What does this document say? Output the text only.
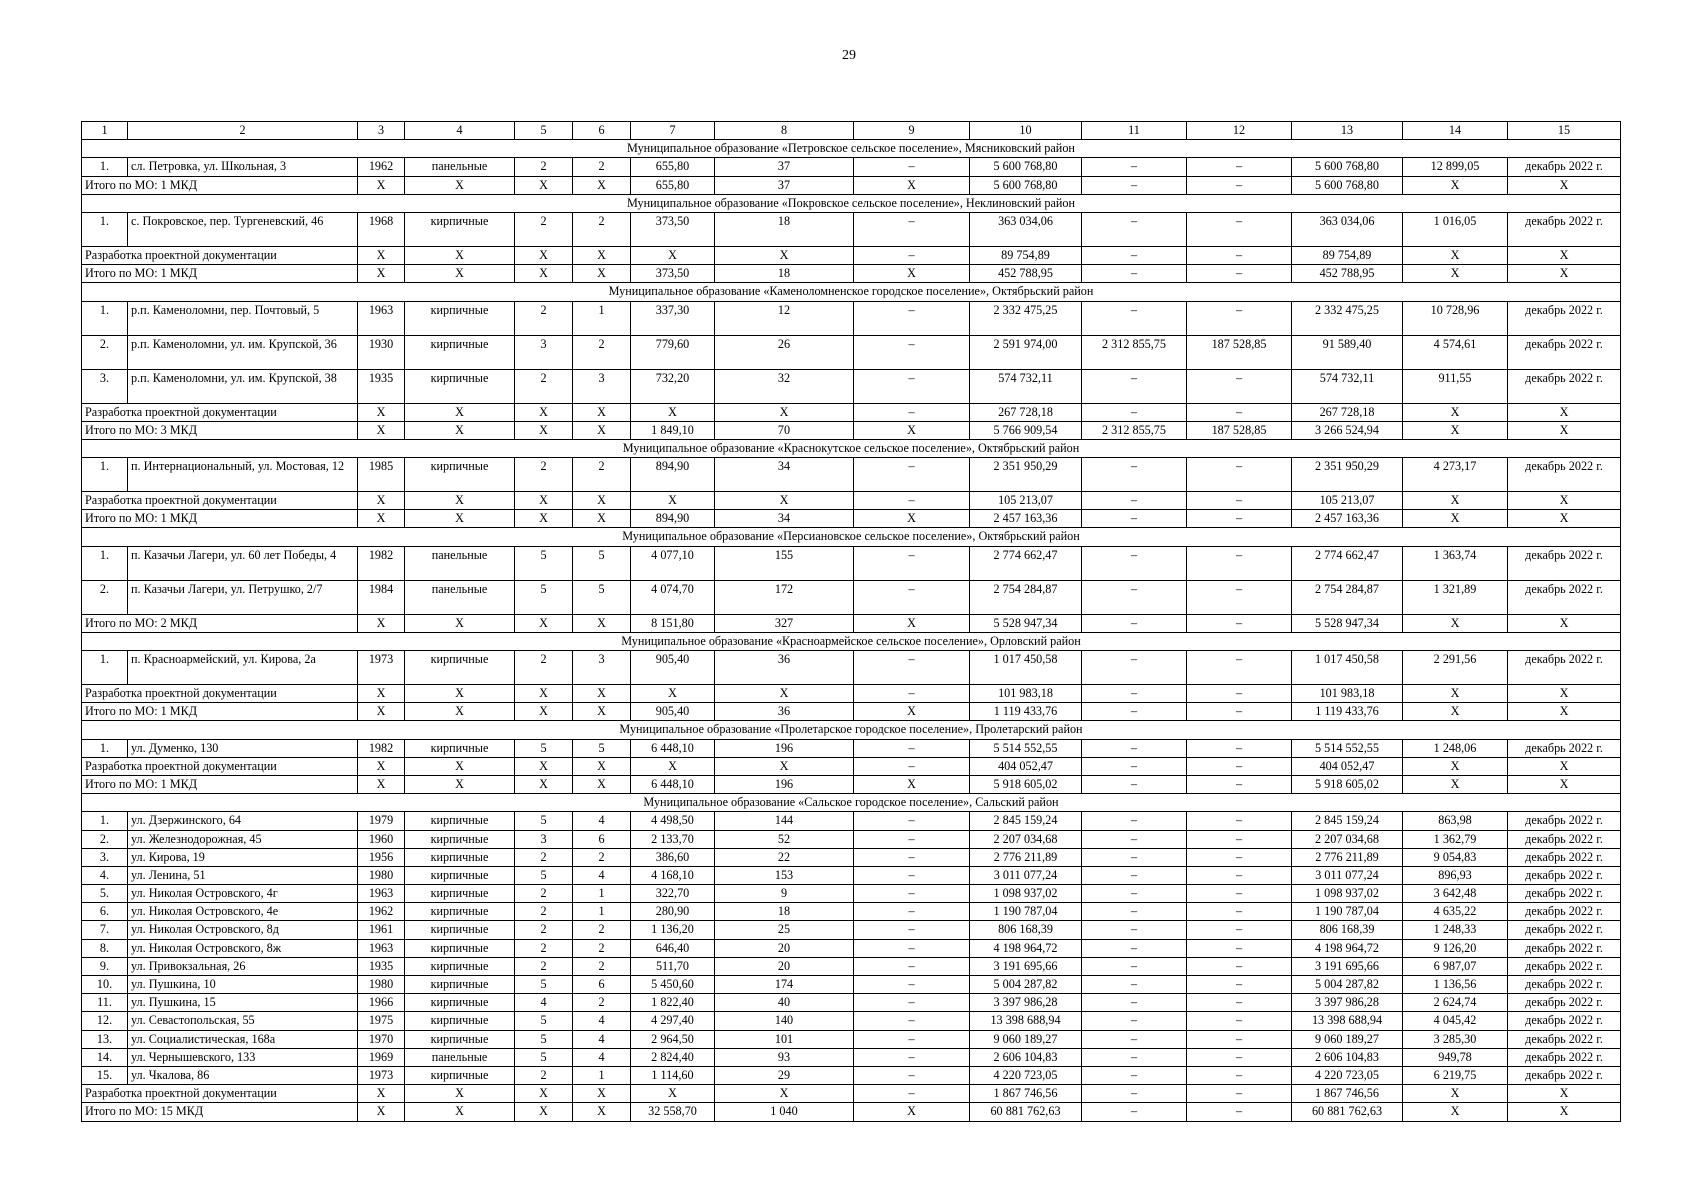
29
1	2	3	4	5	6	7	8	9	10	11	12	13	14	15
Муниципальное образование «Петровское сельское поселение», Мясниковский район														
1.	сл. Петровка, ул. Школьная, 3	1962	панельные	2	2	655,80	37	–	5 600 768,80	–	–	5 600 768,80	12 899,05	декабрь 2022 г.
Итого по МО: 1 МКД		X	X	X	X	655,80	37	X	5 600 768,80	–	–	5 600 768,80	X	X
Муниципальное образование «Покровское сельское поселение», Неклиновский район														
1.	с. Покровское, пер. Тургеневский, 46	1968	кирпичные	2	2	373,50	18	–	363 034,06	–	–	363 034,06	1 016,05	декабрь 2022 г.
Разработка проектной документации		X	X	X	X	X	X	–	89 754,89	–	–	89 754,89	X	X
Итого по МО: 1 МКД		X	X	X	X	373,50	18	X	452 788,95	–	–	452 788,95	X	X
Муниципальное образование «Каменоломненское городское поселение», Октябрьский район														
1.	р.п. Каменоломни, пер. Почтовый, 5	1963	кирпичные	2	1	337,30	12	–	2 332 475,25	–	–	2 332 475,25	10 728,96	декабрь 2022 г.
2.	р.п. Каменоломни, ул. им. Крупской, 36	1930	кирпичные	3	2	779,60	26	–	2 591 974,00	2 312 855,75	187 528,85	91 589,40	4 574,61	декабрь 2022 г.
3.	р.п. Каменоломни, ул. им. Крупской, 38	1935	кирпичные	2	3	732,20	32	–	574 732,11	–	–	574 732,11	911,55	декабрь 2022 г.
Разработка проектной документации		X	X	X	X	X	X	–	267 728,18	–	–	267 728,18	X	X
Итого по МО: 3 МКД		X	X	X	X	1 849,10	70	X	5 766 909,54	2 312 855,75	187 528,85	3 266 524,94	X	X
Муниципальное образование «Краснокутское сельское поселение», Октябрьский район														
1.	п. Интернациональный, ул. Мостовая, 12	1985	кирпичные	2	2	894,90	34	–	2 351 950,29	–	–	2 351 950,29	4 273,17	декабрь 2022 г.
Разработка проектной документации		X	X	X	X	X	X	–	105 213,07	–	–	105 213,07	X	X
Итого по МО: 1 МКД		X	X	X	X	894,90	34	X	2 457 163,36	–	–	2 457 163,36	X	X
Муниципальное образование «Персиановское сельское поселение», Октябрьский район														
1.	п. Казачьи Лагери, ул. 60 лет Победы, 4	1982	панельные	5	5	4 077,10	155	–	2 774 662,47	–	–	2 774 662,47	1 363,74	декабрь 2022 г.
2.	п. Казачьи Лагери, ул. Петрушко, 2/7	1984	панельные	5	5	4 074,70	172	–	2 754 284,87	–	–	2 754 284,87	1 321,89	декабрь 2022 г.
Итого по МО: 2 МКД		X	X	X	X	8 151,80	327	X	5 528 947,34	–	–	5 528 947,34	X	X
Муниципальное образование «Красноармейское сельское поселение», Орловский район														
1.	п. Красноармейский, ул. Кирова, 2а	1973	кирпичные	2	3	905,40	36	–	1 017 450,58	–	–	1 017 450,58	2 291,56	декабрь 2022 г.
Разработка проектной документации		X	X	X	X	X	X	–	101 983,18	–	–	101 983,18	X	X
Итого по МО: 1 МКД		X	X	X	X	905,40	36	X	1 119 433,76	–	–	1 119 433,76	X	X
Муниципальное образование «Пролетарское городское поселение», Пролетарский район														
1.	ул. Думенко, 130	1982	кирпичные	5	5	6 448,10	196	–	5 514 552,55	–	–	5 514 552,55	1 248,06	декабрь 2022 г.
Разработка проектной документации		X	X	X	X	X	X	–	404 052,47	–	–	404 052,47	X	X
Итого по МО: 1 МКД		X	X	X	X	6 448,10	196	X	5 918 605,02	–	–	5 918 605,02	X	X
Муниципальное образование «Сальское городское поселение», Сальский район														
1.	ул. Дзержинского, 64	1979	кирпичные	5	4	4 498,50	144	–	2 845 159,24	–	–	2 845 159,24	863,98	декабрь 2022 г.
2.	ул. Железнодорожная, 45	1960	кирпичные	3	6	2 133,70	52	–	2 207 034,68	–	–	2 207 034,68	1 362,79	декабрь 2022 г.
3.	ул. Кирова, 19	1956	кирпичные	2	2	386,60	22	–	2 776 211,89	–	–	2 776 211,89	9 054,83	декабрь 2022 г.
4.	ул. Ленина, 51	1980	кирпичные	5	4	4 168,10	153	–	3 011 077,24	–	–	3 011 077,24	896,93	декабрь 2022 г.
5.	ул. Николая Островского, 4г	1963	кирпичные	2	1	322,70	9	–	1 098 937,02	–	–	1 098 937,02	3 642,48	декабрь 2022 г.
6.	ул. Николая Островского, 4е	1962	кирпичные	2	1	280,90	18	–	1 190 787,04	–	–	1 190 787,04	4 635,22	декабрь 2022 г.
7.	ул. Николая Островского, 8д	1961	кирпичные	2	2	1 136,20	25	–	806 168,39	–	–	806 168,39	1 248,33	декабрь 2022 г.
8.	ул. Николая Островского, 8ж	1963	кирпичные	2	2	646,40	20	–	4 198 964,72	–	–	4 198 964,72	9 126,20	декабрь 2022 г.
9.	ул. Привокзальная, 26	1935	кирпичные	2	2	511,70	20	–	3 191 695,66	–	–	3 191 695,66	6 987,07	декабрь 2022 г.
10.	ул. Пушкина, 10	1980	кирпичные	5	6	5 450,60	174	–	5 004 287,82	–	–	5 004 287,82	1 136,56	декабрь 2022 г.
11.	ул. Пушкина, 15	1966	кирпичные	4	2	1 822,40	40	–	3 397 986,28	–	–	3 397 986,28	2 624,74	декабрь 2022 г.
12.	ул. Севастопольская, 55	1975	кирпичные	5	4	4 297,40	140	–	13 398 688,94	–	–	13 398 688,94	4 045,42	декабрь 2022 г.
13.	ул. Социалистическая, 168а	1970	кирпичные	5	4	2 964,50	101	–	9 060 189,27	–	–	9 060 189,27	3 285,30	декабрь 2022 г.
14.	ул. Чернышевского, 133	1969	панельные	5	4	2 824,40	93	–	2 606 104,83	–	–	2 606 104,83	949,78	декабрь 2022 г.
15.	ул. Чкалова, 86	1973	кирпичные	2	1	1 114,60	29	–	4 220 723,05	–	–	4 220 723,05	6 219,75	декабрь 2022 г.
Разработка проектной документации		X	X	X	X	X	X	–	1 867 746,56	–	–	1 867 746,56	X	X
Итого по МО: 15 МКД		X	X	X	X	32 558,70	1 040	X	60 881 762,63	–	–	60 881 762,63	X	X
